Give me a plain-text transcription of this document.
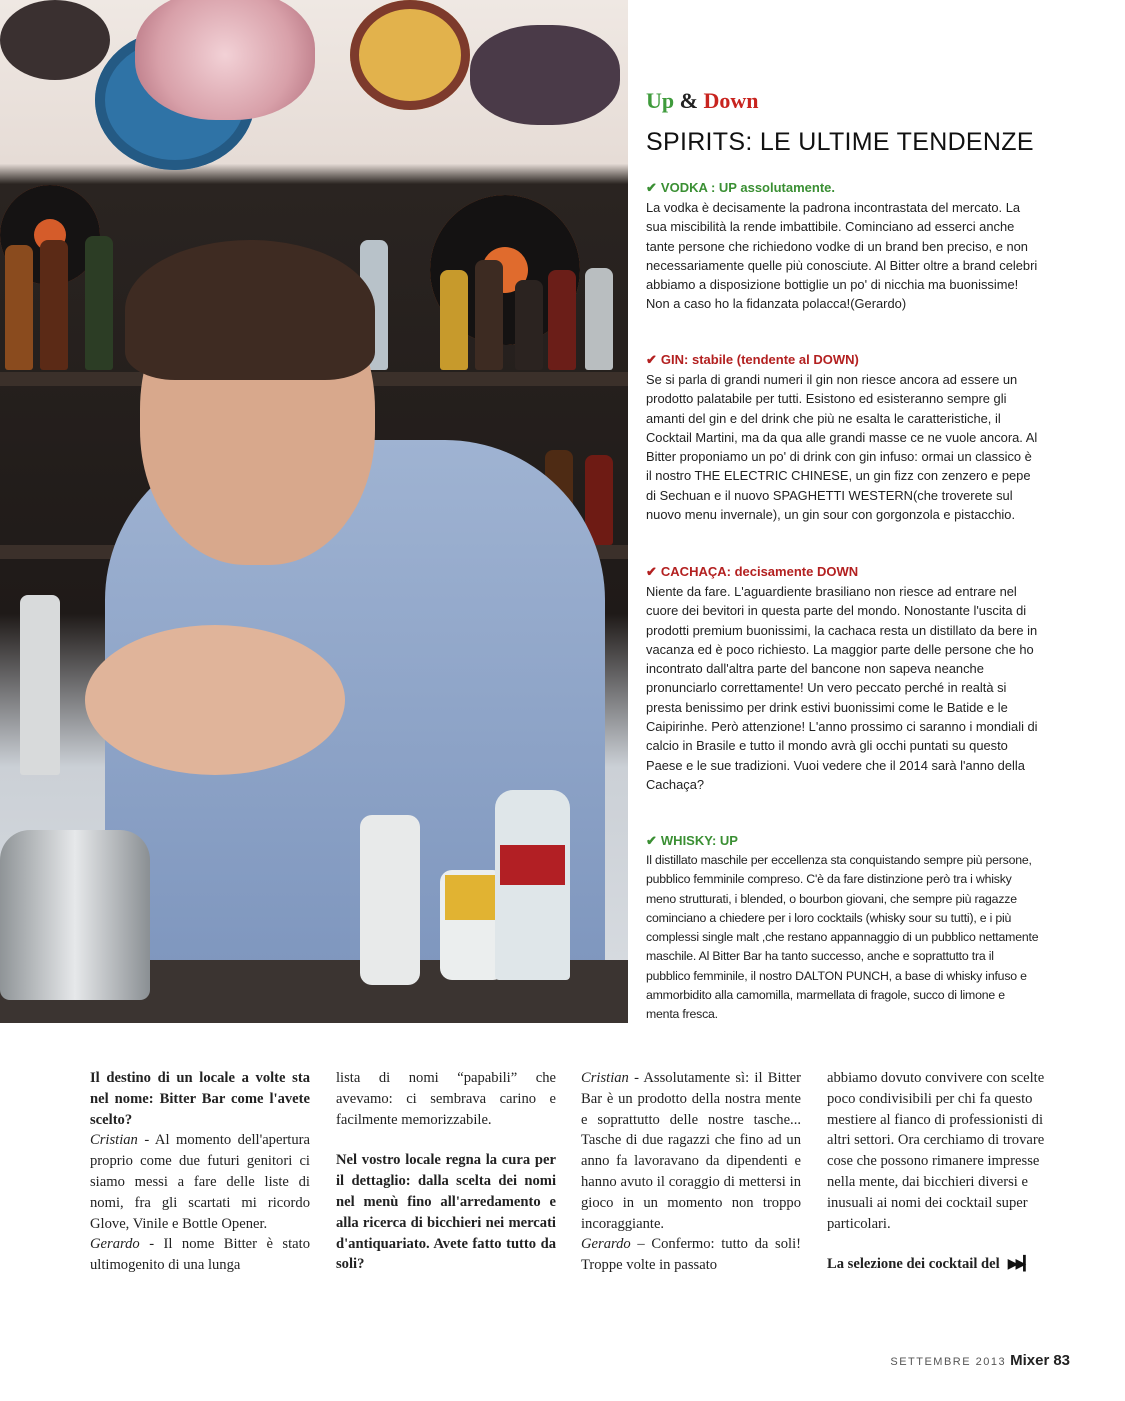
Up & Down
SPIRITS: LE ULTIME TENDENZE
✔ VODKA : UP assolutamente.
La vodka è decisamente la padrona incontrastata del mercato. La sua miscibilità la rende imbattibile. Cominciano ad esserci anche tante persone che richiedono vodke di un brand ben preciso, e non necessariamente quelle più conosciute. Al Bitter oltre a brand celebri abbiamo a disposizione bottiglie un po' di nicchia ma buonissime! Non a caso ho la fidanzata polacca!(Gerardo)
✔ GIN: stabile (tendente al DOWN)
Se si parla di grandi numeri il gin non riesce ancora ad essere un prodotto palatabile per tutti. Esistono ed esisteranno sempre gli amanti del gin e del drink che più ne esalta le caratteristiche, il Cocktail Martini, ma da qua alle grandi masse ce ne vuole ancora. Al Bitter proponiamo un po' di drink con gin infuso: ormai un classico è il nostro THE ELECTRIC CHINESE, un gin fizz con zenzero e pepe di Sechuan e il nuovo SPAGHETTI WESTERN(che troverete sul nuovo menu invernale), un gin sour con gorgonzola e pistacchio.
✔ CACHAÇA: decisamente DOWN
Niente da fare. L'aguardiente brasiliano non riesce ad entrare nel cuore dei bevitori in questa parte del mondo. Nonostante l'uscita di prodotti premium buonissimi, la cachaca resta un distillato da bere in vacanza ed è poco richiesto. La maggior parte delle persone che ho incontrato dall'altra parte del bancone non sapeva neanche pronunciarlo correttamente! Un vero peccato perché in realtà si presta benissimo per drink estivi buonissimi come le Batide e le Caipirinhe. Però attenzione! L'anno prossimo ci saranno i mondiali di calcio in Brasile e tutto il mondo avrà gli occhi puntati su questo Paese e le sue tradizioni. Vuoi vedere che il 2014 sarà l'anno della Cachaça?
✔ WHISKY: UP
Il distillato maschile per eccellenza sta conquistando sempre più persone, pubblico femminile compreso. C'è da fare distinzione però tra i whisky meno strutturati, i blended, o bourbon giovani, che sempre più ragazze cominciano a chiedere per i loro cocktails (whisky sour su tutti), e i più complessi single malt ,che restano appannaggio di un pubblico nettamente maschile. Al Bitter Bar ha tanto successo, anche e soprattutto tra il pubblico femminile, il nostro DALTON PUNCH, a base di whisky infuso e ammorbidito alla camomilla, marmellata di fragole, succo di limone e menta fresca.

Il destino di un locale a volte sta nel nome: Bitter Bar come l'avete scelto?

Cristian - Al momento dell'apertura proprio come due futuri genitori ci siamo messi a fare delle liste di nomi, fra gli scartati mi ricordo Glove, Vinile e Bottle Opener.

Gerardo - Il nome Bitter è stato ultimogenito di una lunga

lista di nomi “papabili” che avevamo: ci sembrava carino e facilmente memorizzabile.

Nel vostro locale regna la cura per il dettaglio: dalla scelta dei nomi nel menù fino all'arredamento e alla ricerca di bicchieri nei mercati d'antiquariato. Avete fatto tutto da soli?

Cristian - Assolutamente sì: il Bitter Bar è un prodotto della nostra mente e soprattutto delle nostre tasche... Tasche di due ragazzi che fino ad un anno fa lavoravano da dipendenti e hanno avuto il coraggio di mettersi in gioco in un momento non troppo incoraggiante.

Gerardo – Confermo: tutto da soli! Troppe volte in passato

abbiamo dovuto convivere con scelte poco condivisibili per chi fa questo mestiere al fianco di professionisti di altri settori. Ora cerchiamo di trovare cose che possono rimanere impresse nella mente, dai bicchieri diversi e inusuali ai nomi dei cocktail super particolari.

La selezione dei cocktail del ▶▶▎

SETTEMBRE 2013 Mixer 83
